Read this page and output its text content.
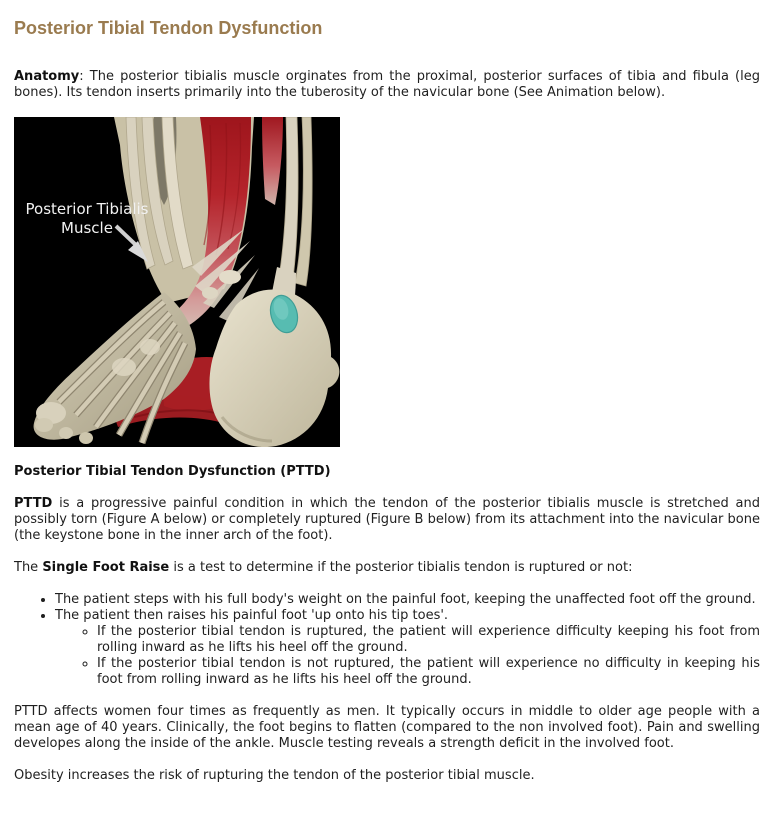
Posterior Tibial Tendon Dysfunction

Anatomy: The posterior tibialis muscle orginates from the proximal, posterior surfaces of tibia and fibula (leg bones). Its tendon inserts primarily into the tuberosity of the navicular bone (See Animation below).

Posterior Tibialis
Muscle
Posterior Tibial Tendon Dysfunction (PTTD)

PTTD is a progressive painful condition in which the tendon of the posterior tibialis muscle is stretched and possibly torn (Figure A below) or completely ruptured (Figure B below) from its attachment into the navicular bone (the keystone bone in the inner arch of the foot).

The Single Foot Raise is a test to determine if the posterior tibialis tendon is ruptured or not:

• The patient steps with his full body's weight on the painful foot, keeping the unaffected foot off the ground.
• The patient then raises his painful foot 'up onto his tip toes'.
◦ If the posterior tibial tendon is ruptured, the patient will experience difficulty keeping his foot from rolling inward as he lifts his heel off the ground.
◦ If the posterior tibial tendon is not ruptured, the patient will experience no difficulty in keeping his foot from rolling inward as he lifts his heel off the ground.

PTTD affects women four times as frequently as men. It typically occurs in middle to older age people with a mean age of 40 years. Clinically, the foot begins to flatten (compared to the non involved foot). Pain and swelling developes along the inside of the ankle. Muscle testing reveals a strength deficit in the involved foot.

Obesity increases the risk of rupturing the tendon of the posterior tibial muscle.
